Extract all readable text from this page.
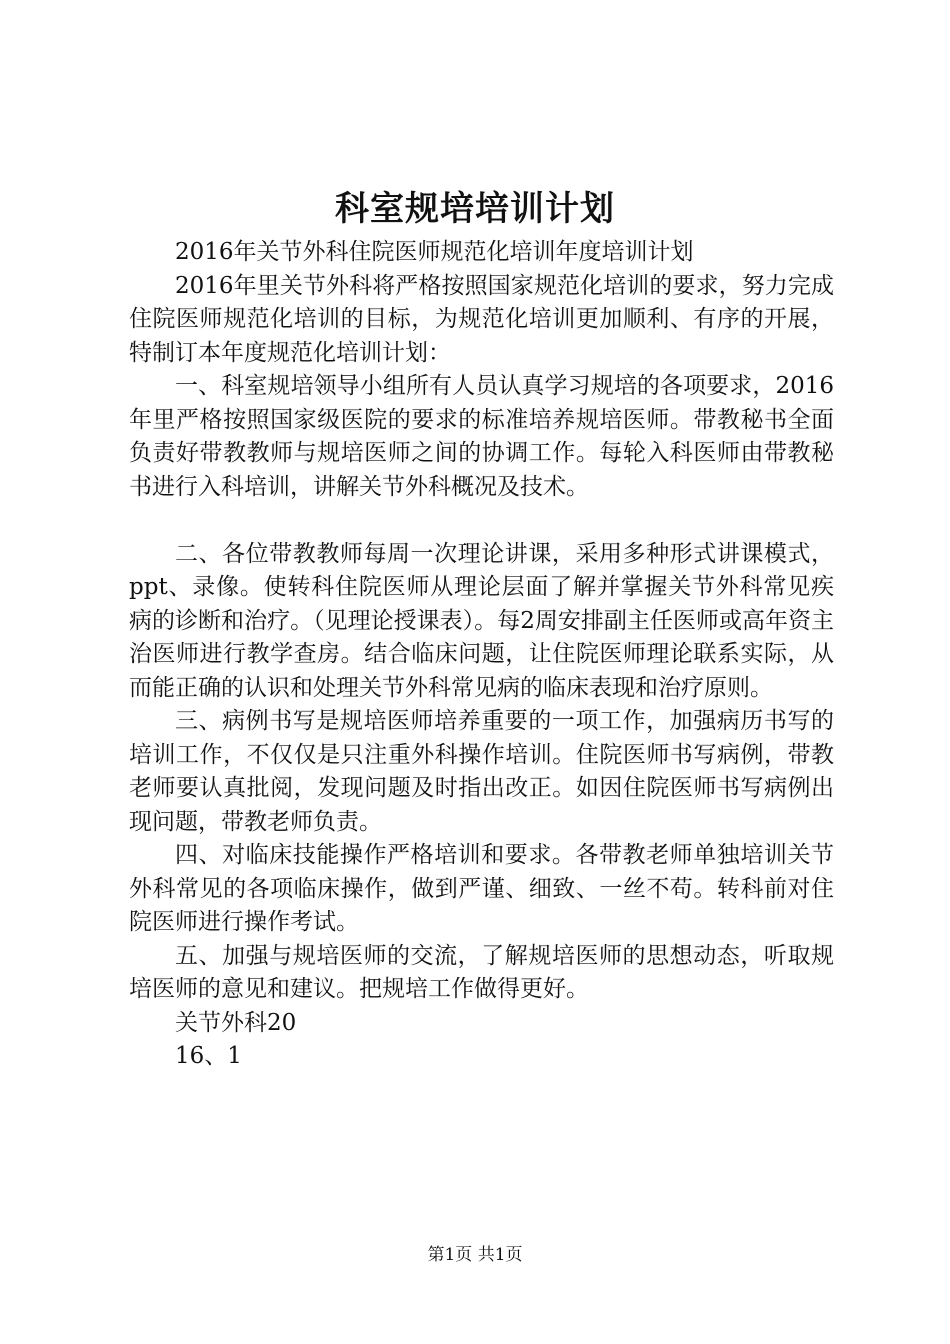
科室规培培训计划

2016年关节外科住院医师规范化培训年度培训计划

2016年里关节外科将严格按照国家规范化培训的要求，努力完成住院医师规范化培训的目标，为规范化培训更加顺利、有序的开展，特制订本年度规范化培训计划：

一、科室规培领导小组所有人员认真学习规培的各项要求，2016年里严格按照国家级医院的要求的标准培养规培医师。带教秘书全面负责好带教教师与规培医师之间的协调工作。每轮入科医师由带教秘书进行入科培训，讲解关节外科概况及技术。

二、各位带教教师每周一次理论讲课，采用多种形式讲课模式，ppt、录像。使转科住院医师从理论层面了解并掌握关节外科常见疾病的诊断和治疗。（见理论授课表）。每2周安排副主任医师或高年资主治医师进行教学查房。结合临床问题，让住院医师理论联系实际，从而能正确的认识和处理关节外科常见病的临床表现和治疗原则。

三、病例书写是规培医师培养重要的一项工作，加强病历书写的培训工作，不仅仅是只注重外科操作培训。住院医师书写病例，带教老师要认真批阅，发现问题及时指出改正。如因住院医师书写病例出现问题，带教老师负责。

四、对临床技能操作严格培训和要求。各带教老师单独培训关节外科常见的各项临床操作，做到严谨、细致、一丝不苟。转科前对住院医师进行操作考试。

五、加强与规培医师的交流，了解规培医师的思想动态，听取规培医师的意见和建议。把规培工作做得更好。

关节外科20

16、1

第1页 共1页
